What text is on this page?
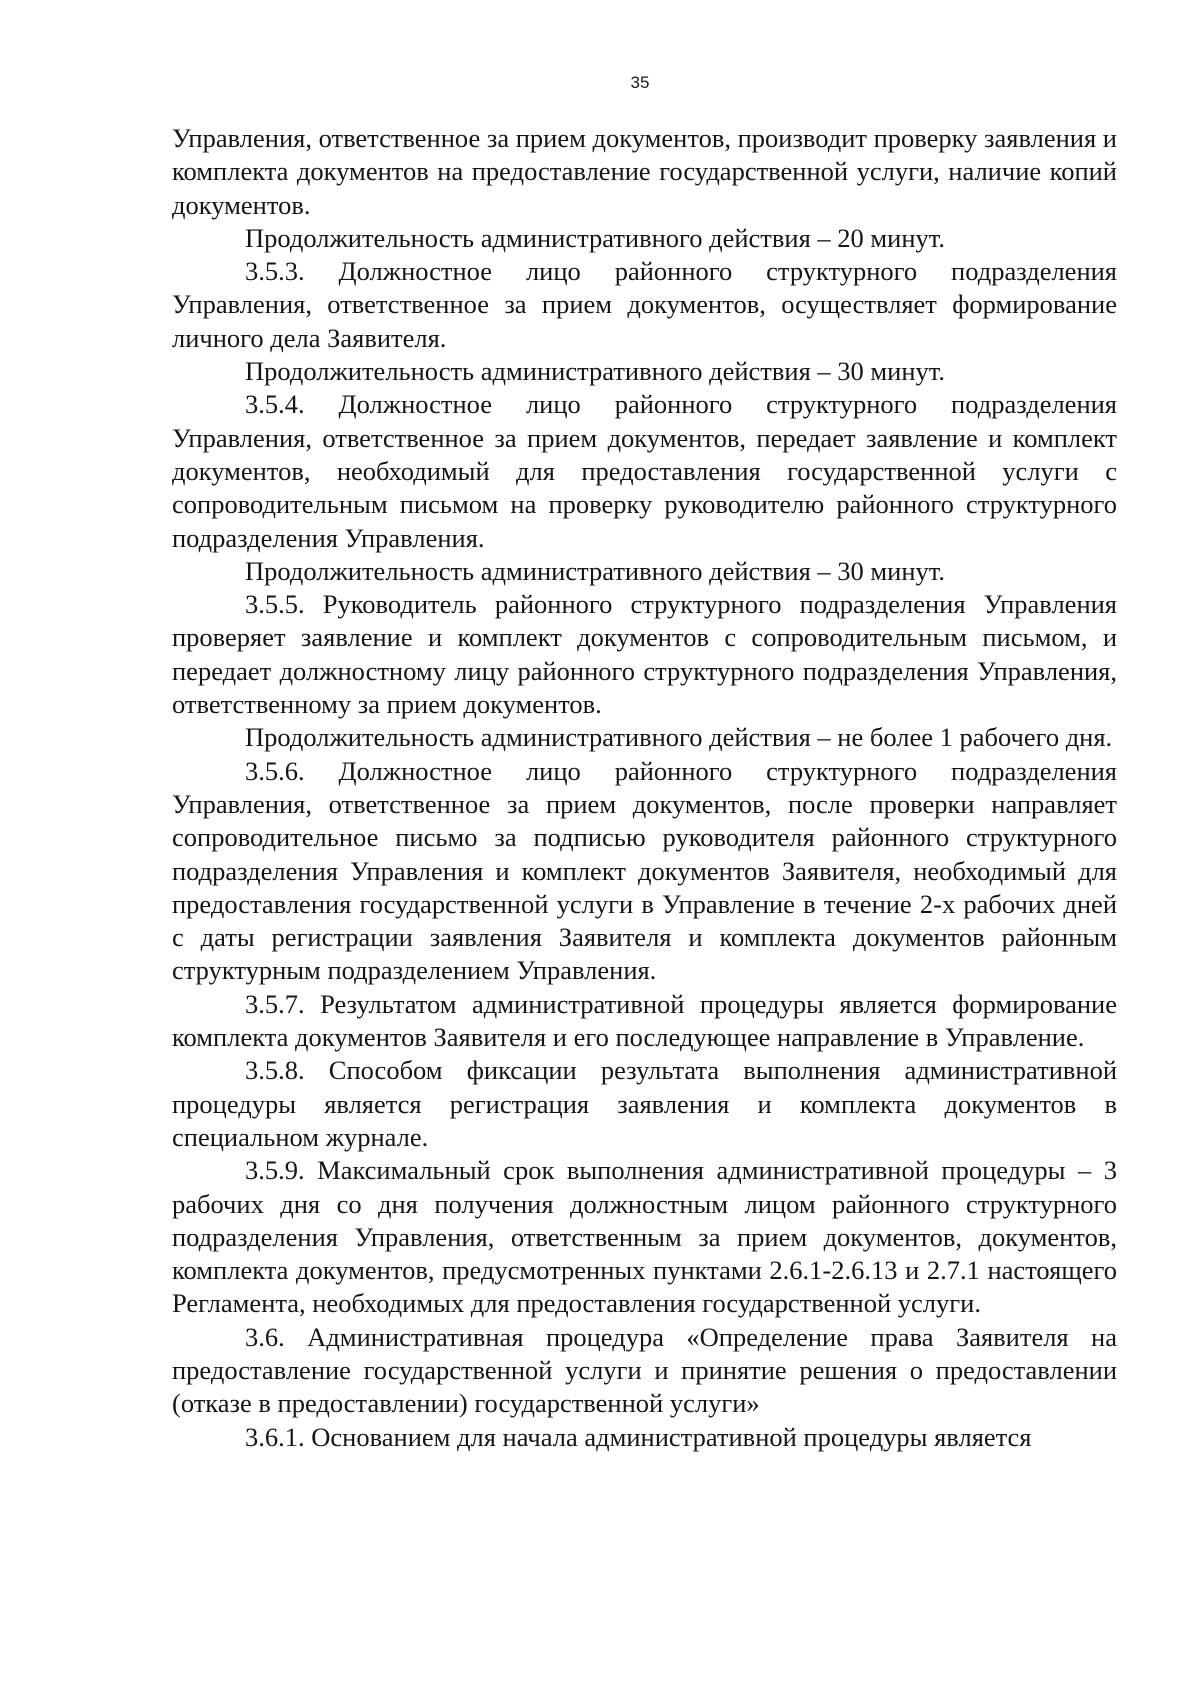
35

Управления, ответственное за прием документов, производит проверку заявления и комплекта документов на предоставление государственной услуги, наличие копий документов.

Продолжительность административного действия – 20 минут.

3.5.3. Должностное лицо районного структурного подразделения Управления, ответственное за прием документов, осуществляет формирование личного дела Заявителя.

Продолжительность административного действия – 30 минут.

3.5.4. Должностное лицо районного структурного подразделения Управления, ответственное за прием документов, передает заявление и комплект документов, необходимый для предоставления государственной услуги с сопроводительным письмом на проверку руководителю районного структурного подразделения Управления.

Продолжительность административного действия – 30 минут.

3.5.5. Руководитель районного структурного подразделения Управления проверяет заявление и комплект документов с сопроводительным письмом, и передает должностному лицу районного структурного подразделения Управления, ответственному за прием документов.

Продолжительность административного действия – не более 1 рабочего дня.

3.5.6. Должностное лицо районного структурного подразделения Управления, ответственное за прием документов, после проверки направляет сопроводительное письмо за подписью руководителя районного структурного подразделения Управления и комплект документов Заявителя, необходимый для предоставления государственной услуги в Управление в течение 2-х рабочих дней с даты регистрации заявления Заявителя и комплекта документов районным структурным подразделением Управления.

3.5.7. Результатом административной процедуры является формирование комплекта документов Заявителя и его последующее направление в Управление.

3.5.8. Способом фиксации результата выполнения административной процедуры является регистрация заявления и комплекта документов в специальном журнале.

3.5.9. Максимальный срок выполнения административной процедуры – 3 рабочих дня со дня получения должностным лицом районного структурного подразделения Управления, ответственным за прием документов, документов, комплекта документов, предусмотренных пунктами 2.6.1-2.6.13 и 2.7.1 настоящего Регламента, необходимых для предоставления государственной услуги.

3.6. Административная процедура «Определение права Заявителя на предоставление государственной услуги и принятие решения о предоставлении (отказе в предоставлении) государственной услуги»

3.6.1. Основанием для начала административной процедуры является
